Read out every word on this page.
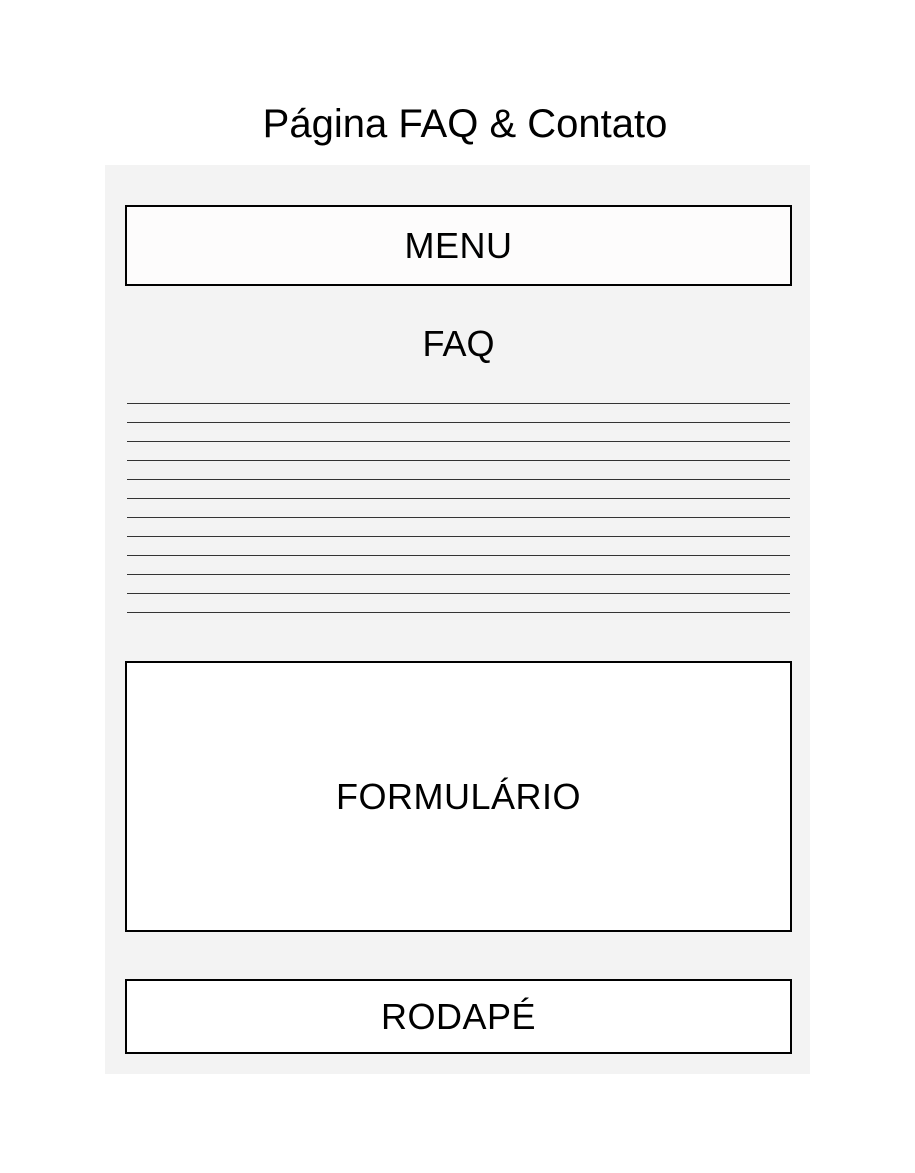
Página FAQ & Contato
MENU
FAQ
FORMULÁRIO
RODAPÉ
